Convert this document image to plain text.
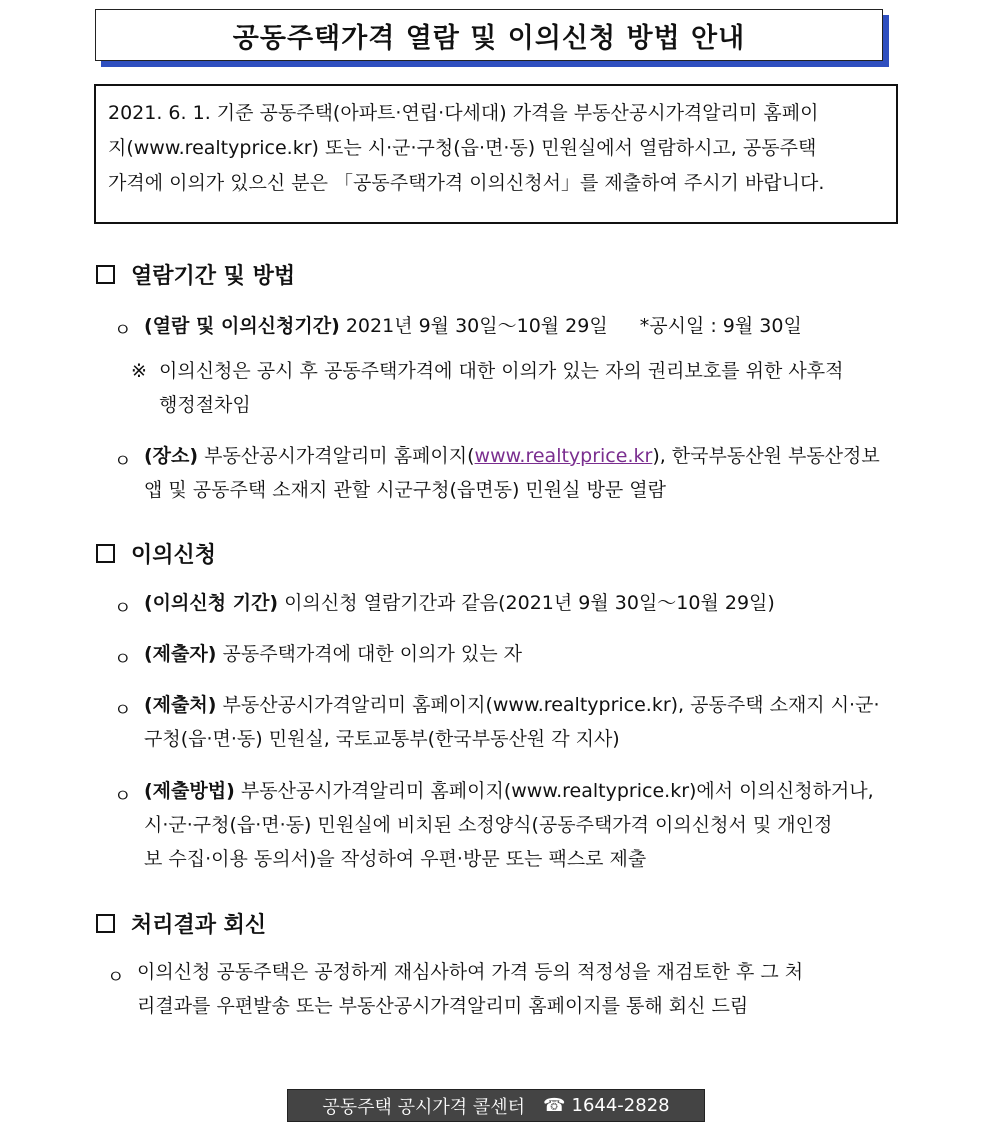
공동주택가격 열람 및 이의신청 방법 안내
2021. 6. 1. 기준 공동주택(아파트·연립·다세대) 가격을 부동산공시가격알리미 홈페이
지(www.realtyprice.kr) 또는 시·군·구청(읍·면·동) 민원실에서 열람하시고, 공동주택
가격에 이의가 있으신 분은 「공동주택가격 이의신청서」를 제출하여 주시기 바랍니다.
열람기간 및 방법
ㅇ (열람 및 이의신청기간) 2021년 9월 30일～10월 29일 *공시일 : 9월 30일
※ 이의신청은 공시 후 공동주택가격에 대한 이의가 있는 자의 권리보호를 위한 사후적
행정절차임
ㅇ (장소) 부동산공시가격알리미 홈페이지(www.realtyprice.kr), 한국부동산원 부동산정보
앱 및 공동주택 소재지 관할 시군구청(읍면동) 민원실 방문 열람
이의신청
ㅇ (이의신청 기간) 이의신청 열람기간과 같음(2021년 9월 30일～10월 29일)
ㅇ (제출자) 공동주택가격에 대한 이의가 있는 자
ㅇ (제출처) 부동산공시가격알리미 홈페이지(www.realtyprice.kr), 공동주택 소재지 시·군·
구청(읍·면·동) 민원실, 국토교통부(한국부동산원 각 지사)
ㅇ (제출방법) 부동산공시가격알리미 홈페이지(www.realtyprice.kr)에서 이의신청하거나,
시·군·구청(읍·면·동) 민원실에 비치된 소정양식(공동주택가격 이의신청서 및 개인정
보 수집·이용 동의서)을 작성하여 우편·방문 또는 팩스로 제출
처리결과 회신
ㅇ 이의신청 공동주택은 공정하게 재심사하여 가격 등의 적정성을 재검토한 후 그 처
리결과를 우편발송 또는 부동산공시가격알리미 홈페이지를 통해 회신 드림
공동주택 공시가격 콜센터 ☎ 1644-2828
